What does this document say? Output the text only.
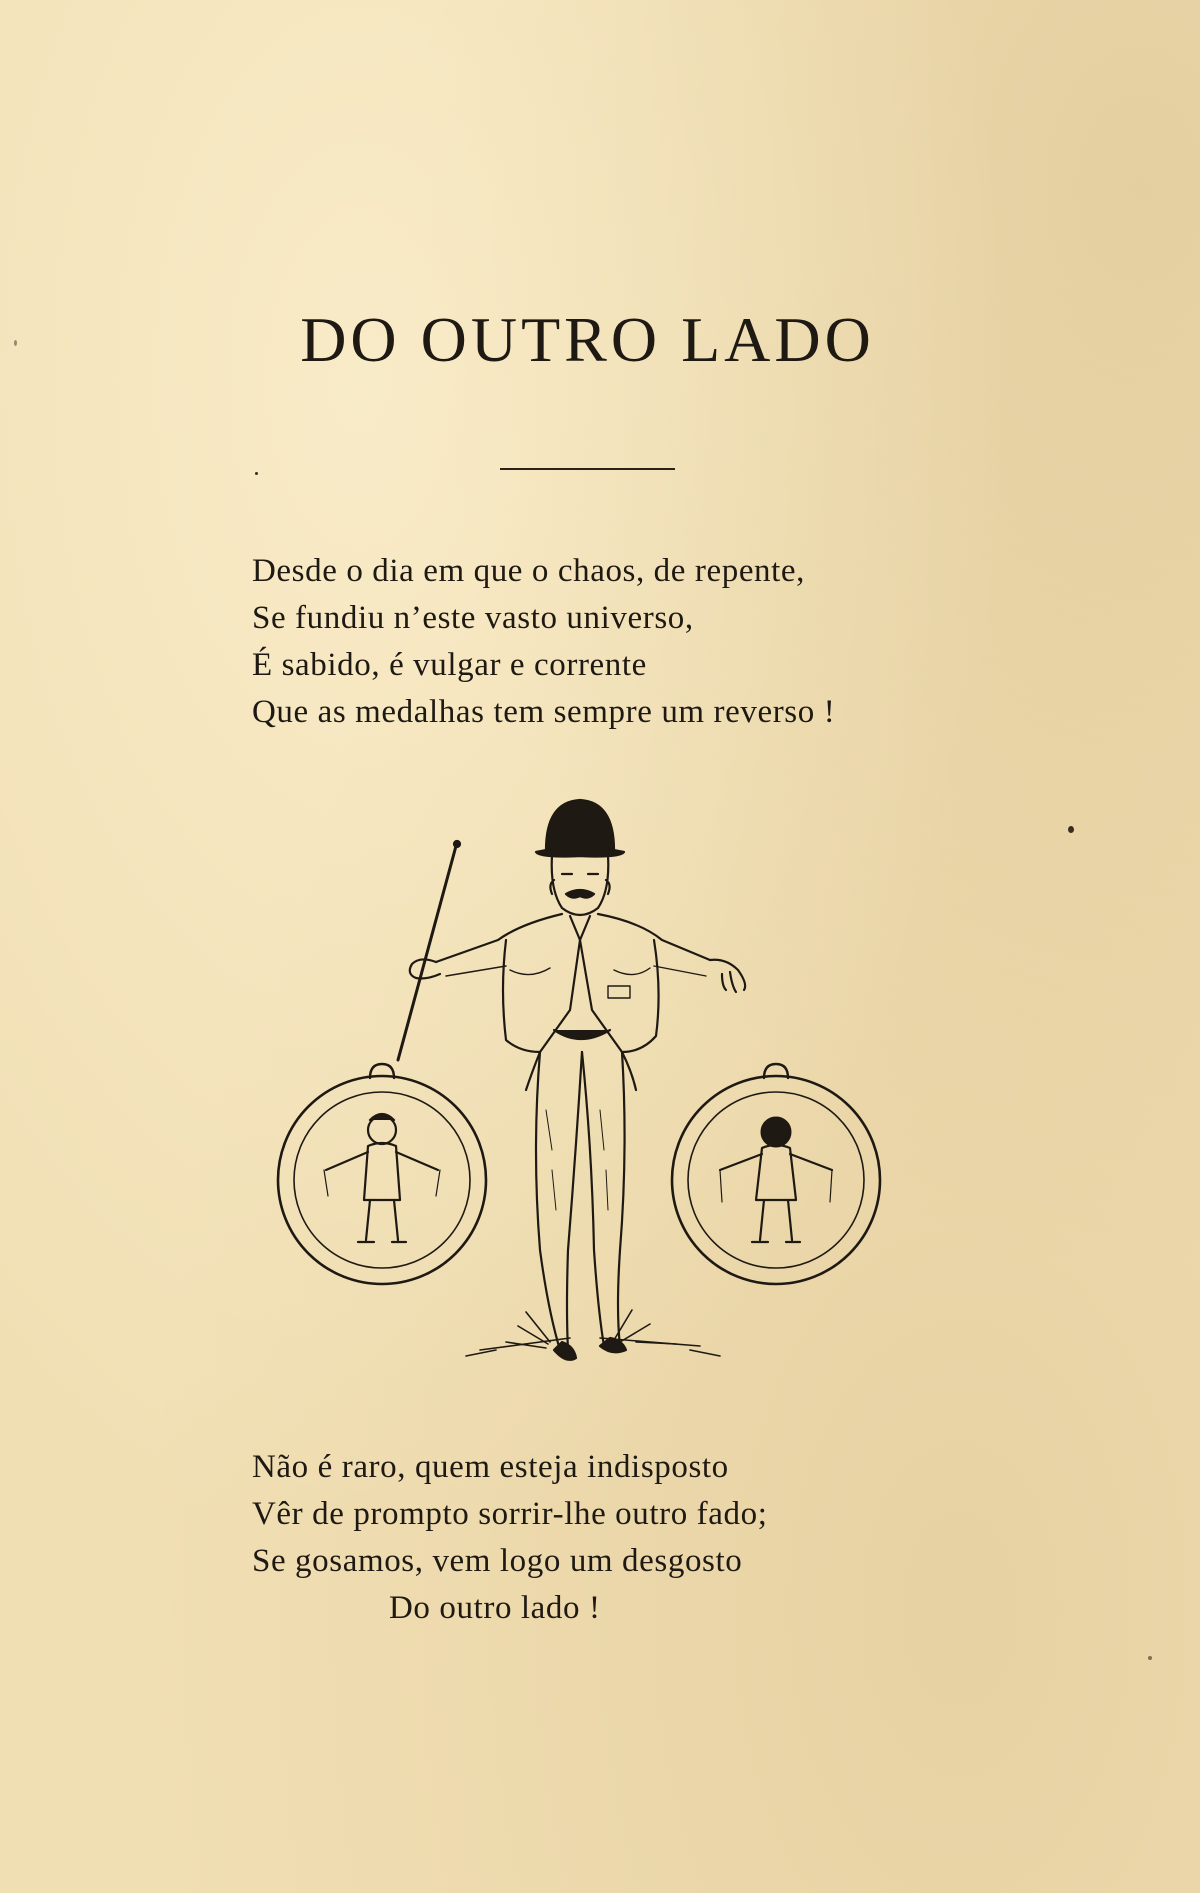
DO OUTRO LADO
Desde o dia em que o chaos, de repente,
Se fundiu n’este vasto universo,
É sabido, é vulgar e corrente
Que as medalhas tem sempre um reverso !
Não é raro, quem esteja indisposto
Vêr de prompto sorrir-lhe outro fado;
Se gosamos, vem logo um desgosto
Do outro lado !
